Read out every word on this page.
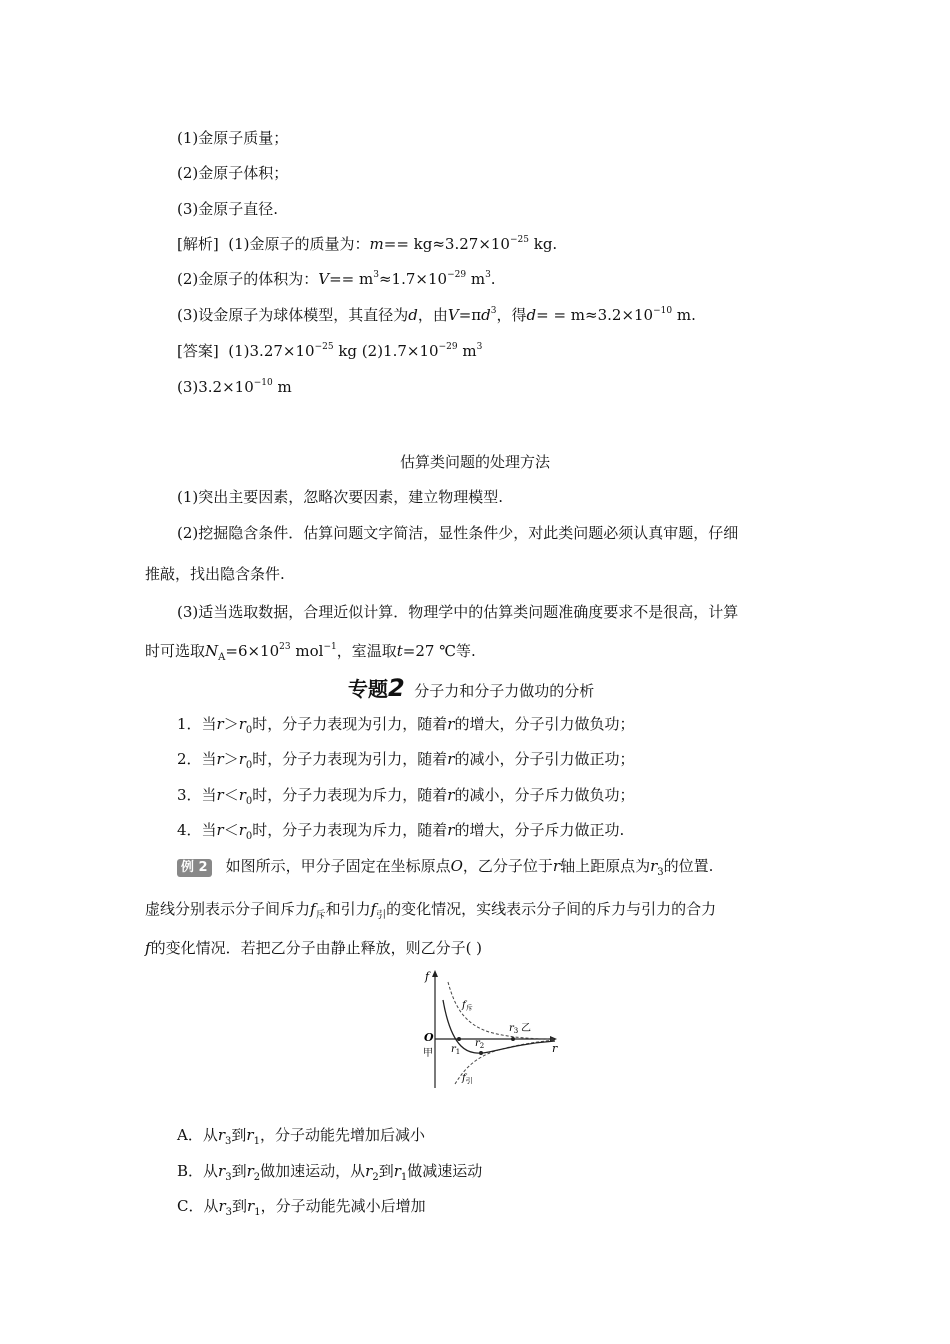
(1)金原子质量；
(2)金原子体积；
(3)金原子直径.
[解析] (1)金原子的质量为：$m== kg\approx 3.27\times 10^{-25}$ kg.
(2)金原子的体积为：$V== m^3\approx 1.7\times 10^{-29}$ $m^3$.
(3)设金原子为球体模型，其直径为d，由$V=\pi d^3$，得$d= = m\approx 3.2\times 10^{-10}$ m.
[答案] $(1)3.27\times 10^{-25}$ kg $(2)1.7\times 10^{-29}$ $m^3$
$(3)3.2\times 10^{-10}$ m
估算类问题的处理方法
(1)突出主要因素，忽略次要因素，建立物理模型.
(2)挖掘隐含条件．估算问题文字简洁，显性条件少，对此类问题必须认真审题，仔细
推敲，找出隐含条件.
(3)适当选取数据，合理近似计算．物理学中的估算类问题准确度要求不是很高，计算
时可选取$N_A=6\times 10^{23}$ mol$^{-1}$，室温取t=27 ℃等.
专题2 分子力和分子力做功的分析
1．当$r>r_0$时，分子力表现为引力，随着r的增大，分子引力做负功；
2．当$r>r_0$时，分子力表现为引力，随着r的减小，分子引力做正功；
3．当$r<r_0$时，分子力表现为斥力，随着r的减小，分子斥力做负功；
4．当$r<r_0$时，分子力表现为斥力，随着r的增大，分子斥力做正功.
例 2 如图所示，甲分子固定在坐标原点O，乙分子位于r轴上距原点为$r_3$的位置.
虚线分别表示分子间斥力$f_斥$和引力$f_引$的变化情况，实线表示分子间的斥力与引力的合力
f的变化情况．若把乙分子由静止释放，则乙分子( )
f
r
O
甲
$f_斥$
$f_引$
$r_1$
$r_2$
$r_3$ 乙
A．从$r_3$到$r_1$，分子动能先增加后减小
B．从$r_3$到$r_2$做加速运动，从$r_2$到$r_1$做减速运动
C．从$r_3$到$r_1$，分子动能先减小后增加
